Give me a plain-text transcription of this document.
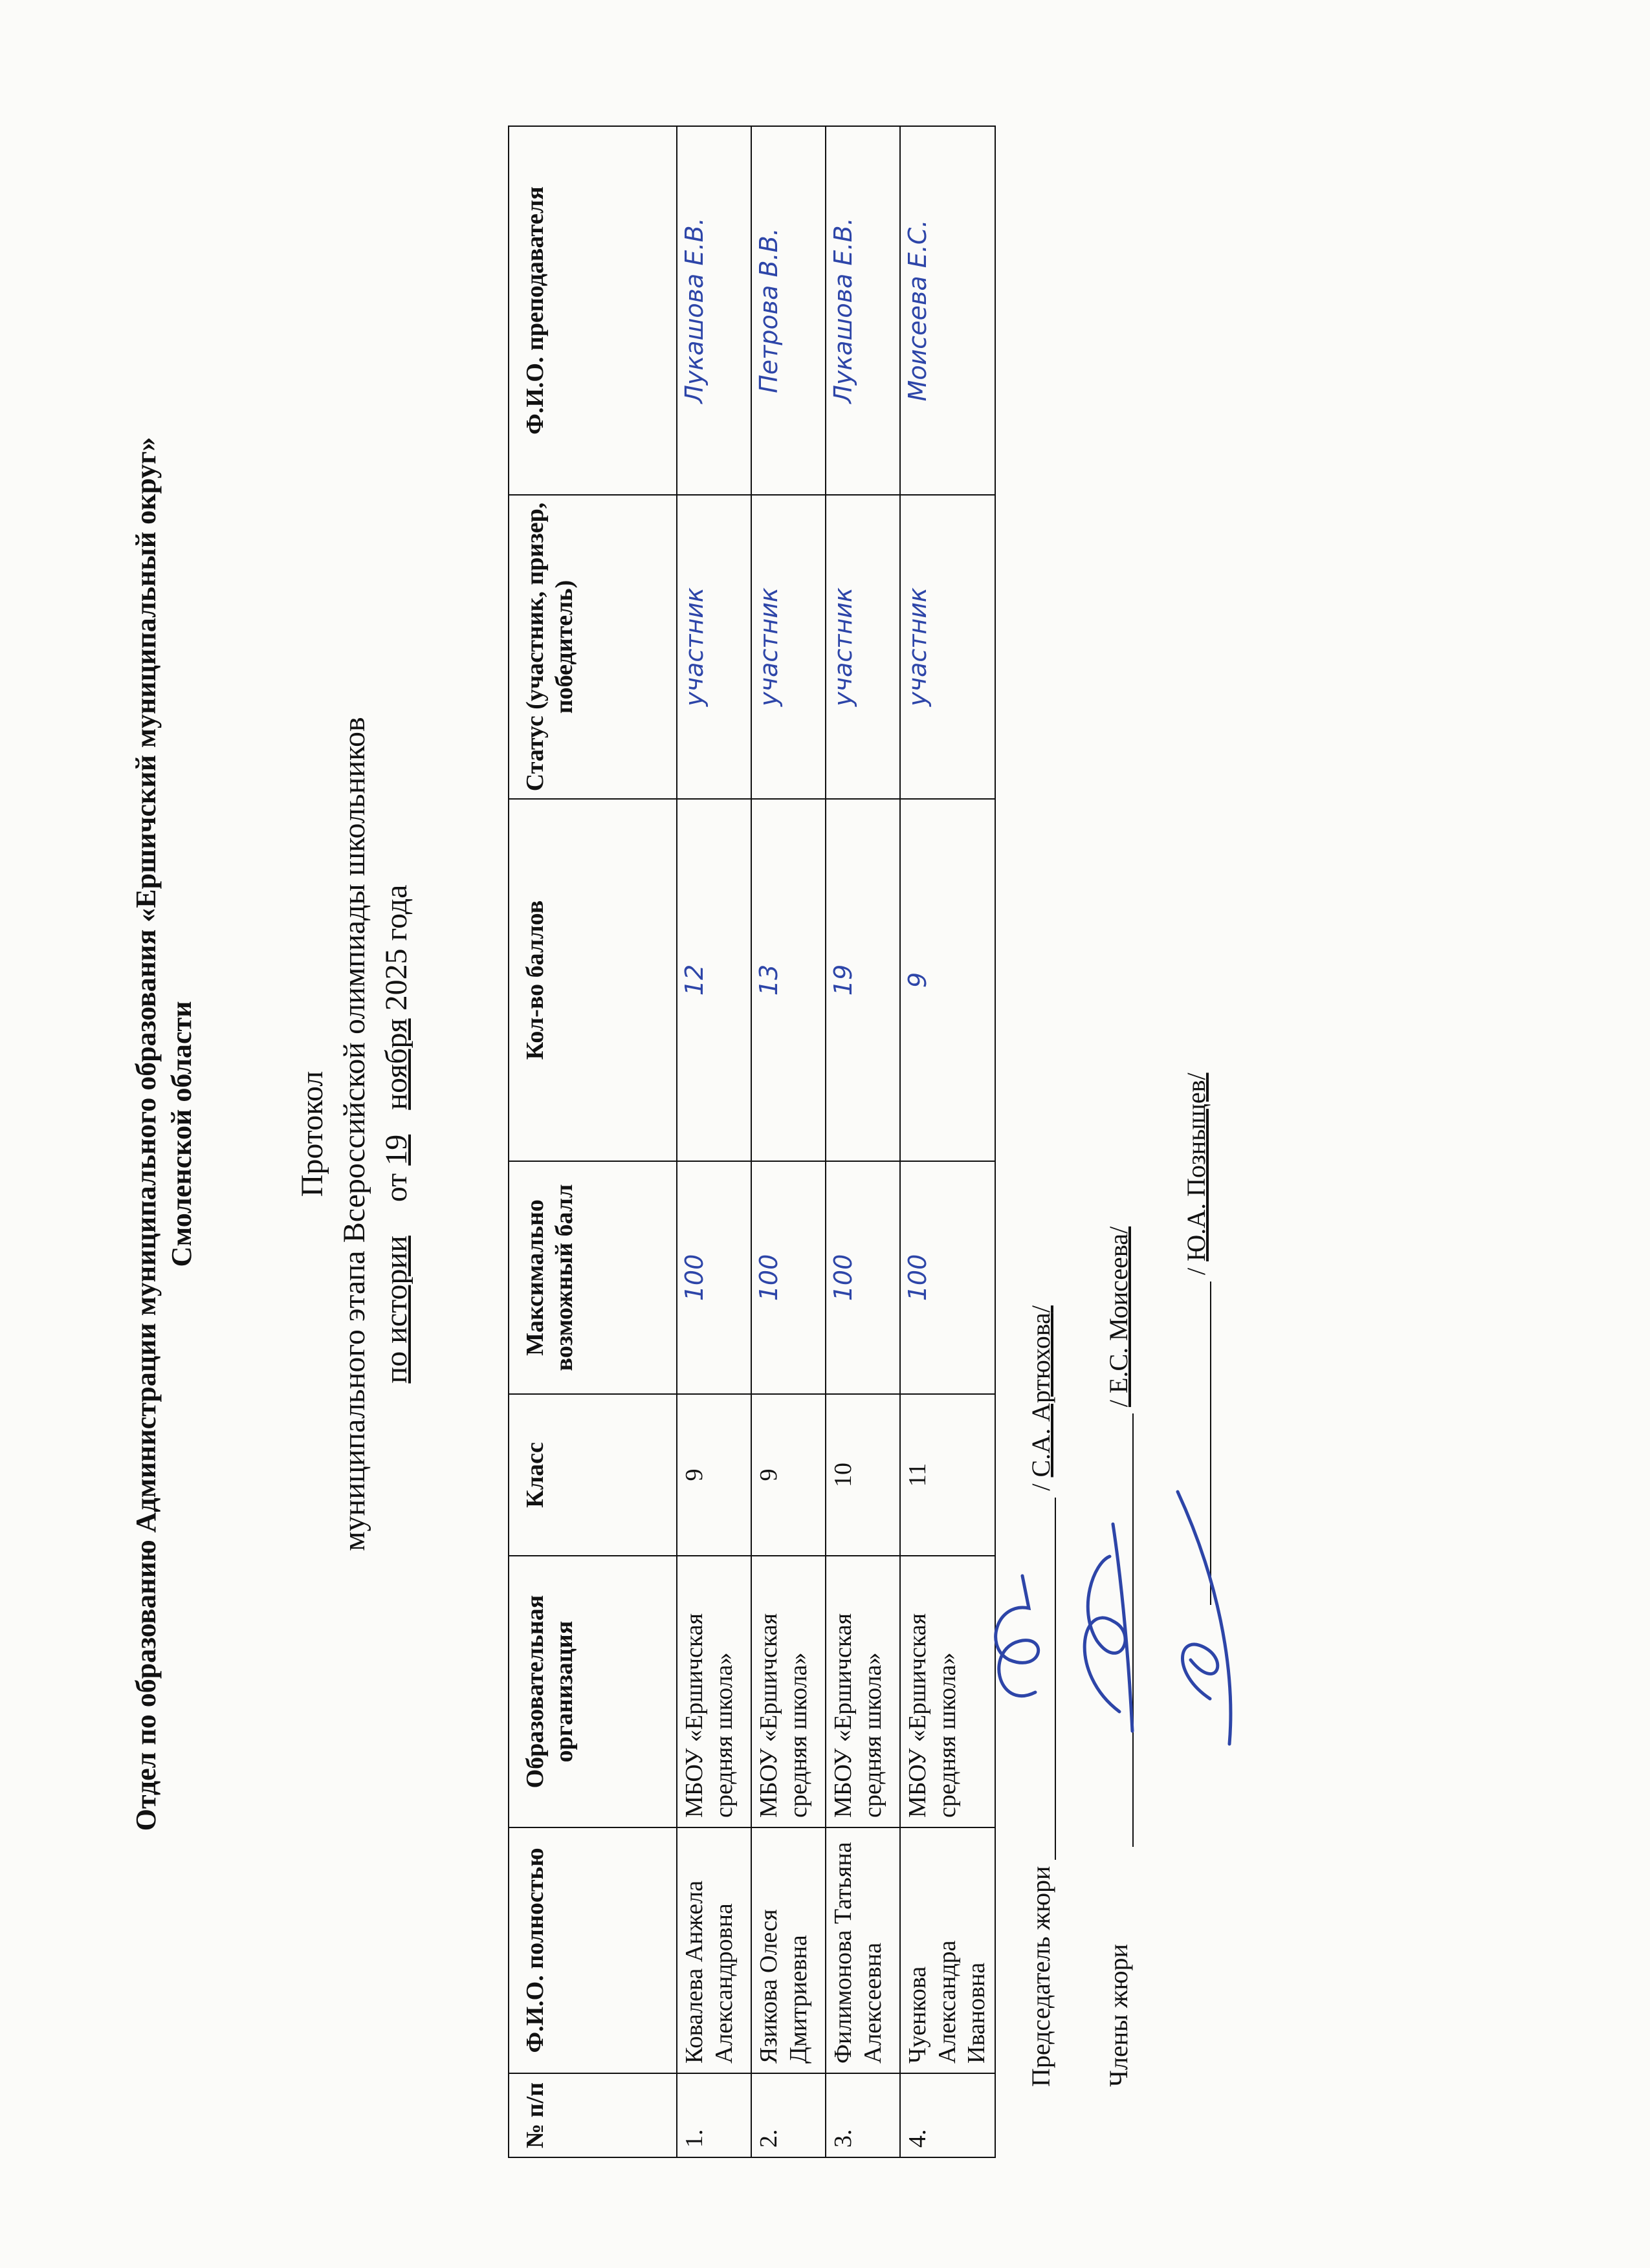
Отдел по образованию Администрации муниципального образования «Ершичский муниципальный округ» Смоленской области	Протокол муниципального этапа Всероссийской олимпиады школьников по истории  от 19  ноября 2025 года
№ п/п	Ф.И.О. полностью	Образовательная организация	Класс	Максимально возможный балл	Кол-во баллов	Статус (участник, призер, победитель)	Ф.И.О. преподавателя
1.	Ковалева Анжела Александровна	МБОУ «Ершичская средняя школа»	9	100	12	участник	Лукашова Е.В.
2.	Язикова Олеся Дмитриевна	МБОУ «Ершичская средняя школа»	9	100	13	участник	Петрова В.В.
3.	Филимонова Татьяна Алексеевна	МБОУ «Ершичская средняя школа»	10	100	19	участник	Лукашова Е.В.
4.	Чуенкова Александра Ивановна	МБОУ «Ершичская средняя школа»	11	100	9	участник	Моисеева Е.С.
Председатель жюри  / С.А. Артюхова/
Члены жюри   / Е.С. Моисеева/
/ Ю.А. Позныщев/
